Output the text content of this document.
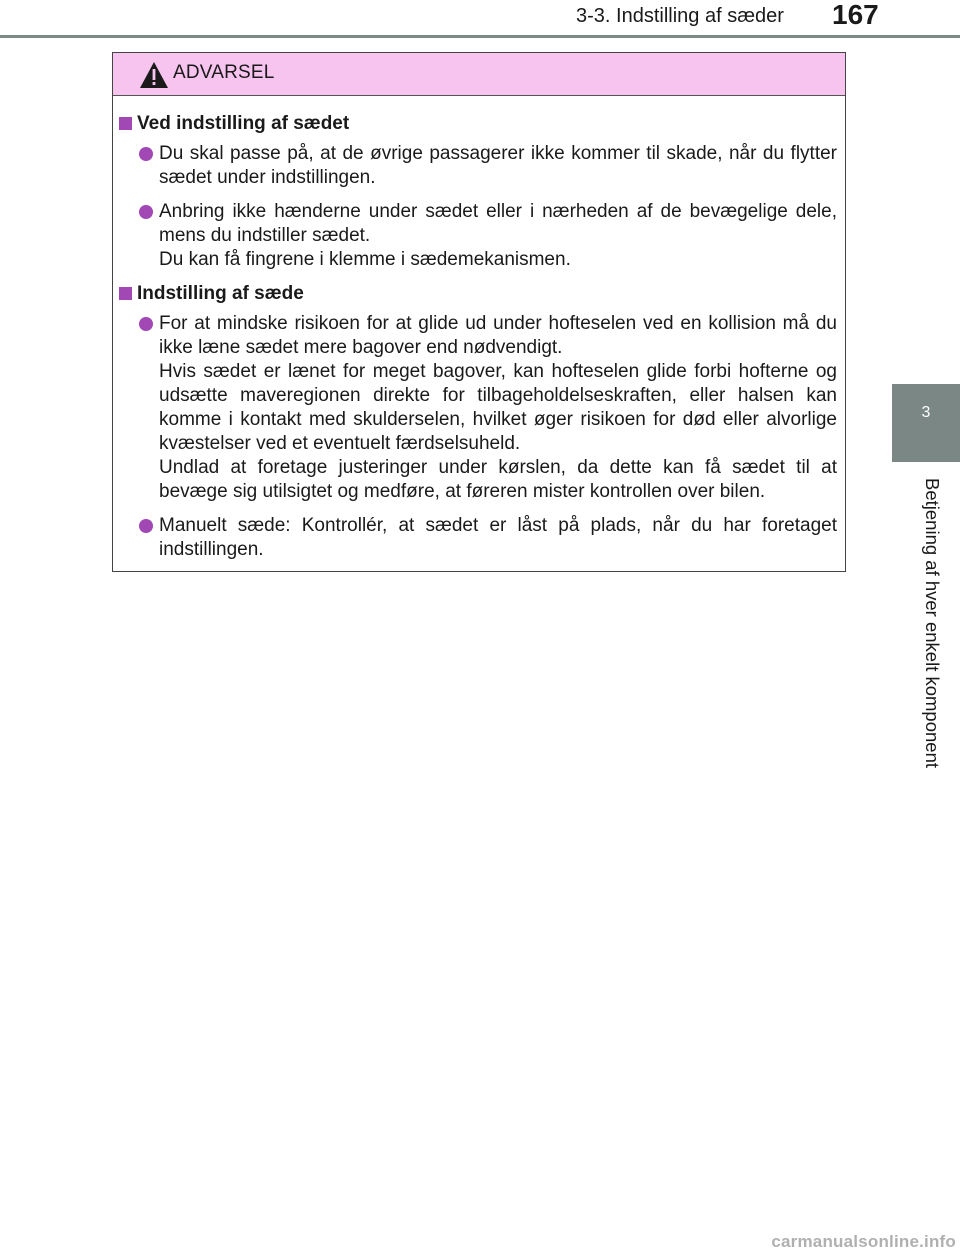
3-3. Indstilling af sæder 167
3
Betjening af hver enkelt komponent
ADVARSEL
Ved indstilling af sædet

Du skal passe på, at de øvrige passagerer ikke kommer til skade, når du flytter sædet under indstillingen.

Anbring ikke hænderne under sædet eller i nærheden af de bevægelige dele, mens du indstiller sædet.

Du kan få fingrene i klemme i sædemekanismen.

Indstilling af sæde

For at mindske risikoen for at glide ud under hofteselen ved en kollision må du ikke læne sædet mere bagover end nødvendigt.

Hvis sædet er lænet for meget bagover, kan hofteselen glide forbi hofterne og udsætte maveregionen direkte for tilbageholdelseskraften, eller halsen kan komme i kontakt med skulderselen, hvilket øger risikoen for død eller alvorlige kvæstelser ved et eventuelt færdselsuheld.

Undlad at foretage justeringer under kørslen, da dette kan få sædet til at bevæge sig utilsigtet og medføre, at føreren mister kontrollen over bilen.

Manuelt sæde: Kontrollér, at sædet er låst på plads, når du har foretaget indstillingen.

carmanualsonline.info
